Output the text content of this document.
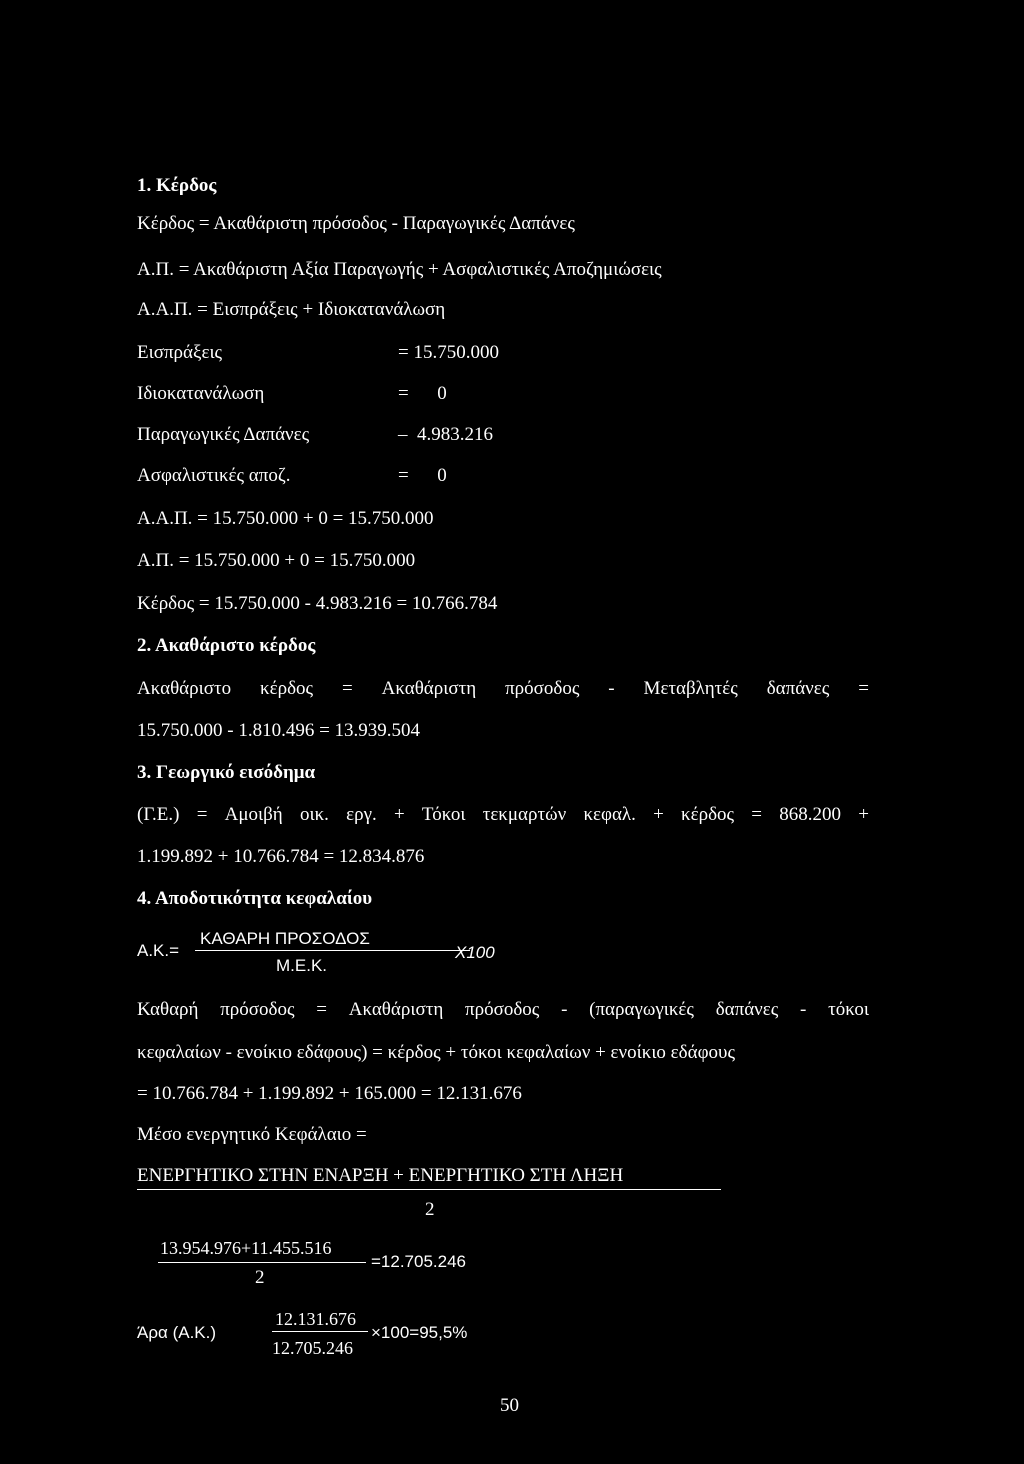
1. Κέρδος
Κέρδος = Ακαθάριστη πρόσοδος - Παραγωγικές Δαπάνες
Α.Π. = Ακαθάριστη Αξία Παραγωγής + Ασφαλιστικές Αποζημιώσεις
Α.Α.Π. = Εισπράξεις + Ιδιοκατανάλωση
Εισπράξεις	= 15.750.000
Ιδιοκατανάλωση	=      0
Παραγωγικές Δαπάνες	–  4.983.216
Ασφαλιστικές αποζ.	=      0
Α.Α.Π. = 15.750.000 + 0 = 15.750.000
Α.Π. = 15.750.000 + 0 = 15.750.000
Κέρδος = 15.750.000 - 4.983.216 = 10.766.784
2. Ακαθάριστο κέρδος
Ακαθάριστο κέρδος = Ακαθάριστη πρόσοδος - Μεταβλητές δαπάνες =
15.750.000 - 1.810.496 = 13.939.504
3. Γεωργικό εισόδημα
(Γ.Ε.) = Αμοιβή οικ. εργ. + Τόκοι τεκμαρτών κεφαλ. + κέρδος = 868.200 +
1.199.892 + 10.766.784 = 12.834.876
4. Αποδοτικότητα κεφαλαίου
Α.Κ.=
ΚΑΘΑΡΗ ΠΡΟΣΟΔΟΣ
Μ.Ε.Κ.
X100
Καθαρή πρόσοδος = Ακαθάριστη πρόσοδος - (παραγωγικές δαπάνες - τόκοι
κεφαλαίων - ενοίκιο εδάφους) = κέρδος + τόκοι κεφαλαίων + ενοίκιο εδάφους
= 10.766.784 + 1.199.892 + 165.000 = 12.131.676
Μέσο ενεργητικό Κεφάλαιο =
ΕΝΕΡΓΗΤΙΚΟ ΣΤΗΝ ΕΝΑΡΞΗ + ΕΝΕΡΓΗΤΙΚΟ ΣΤΗ ΛΗΞΗ
2
13.954.976+11.455.516
=12.705.246
2
Άρα (Α.Κ.)
12.131.676
12.705.246
×100=95,5%
50
